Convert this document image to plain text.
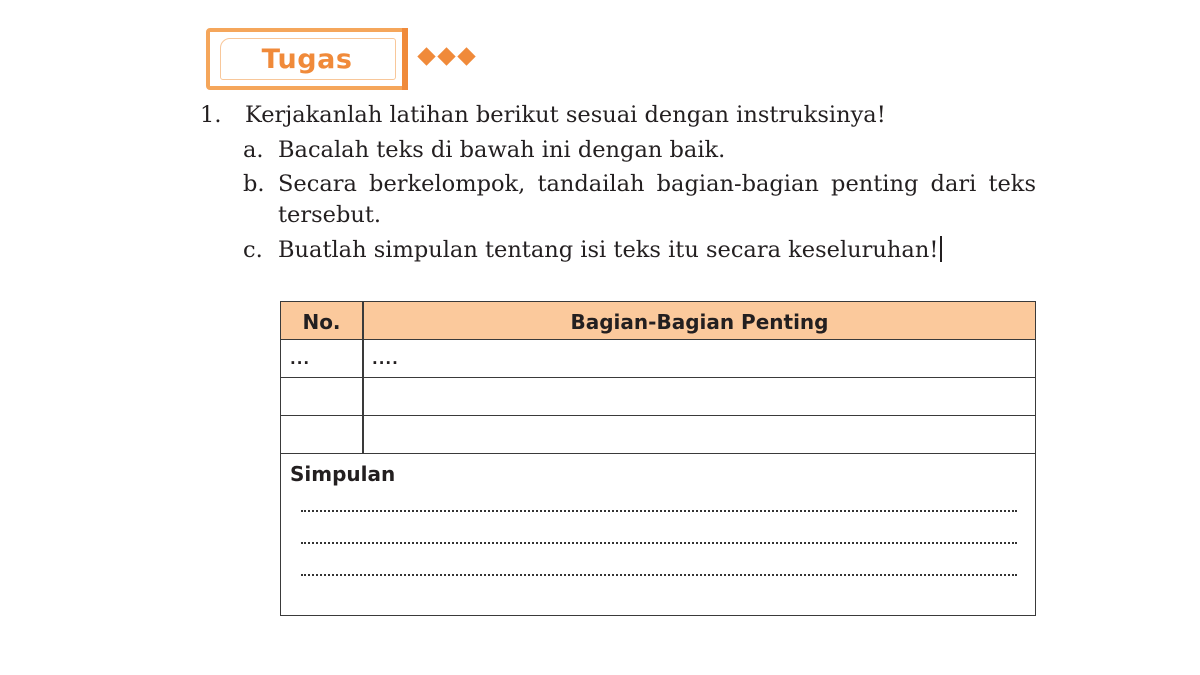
Tugas
1. Kerjakanlah latihan berikut sesuai dengan instruksinya!
a. Bacalah teks di bawah ini dengan baik.
b. Secara berkelompok, tandailah bagian-bagian penting dari teks
tersebut.
c. Buatlah simpulan tentang isi teks itu secara keseluruhan!
No.	Bagian-Bagian Penting
...	....
Simpulan
